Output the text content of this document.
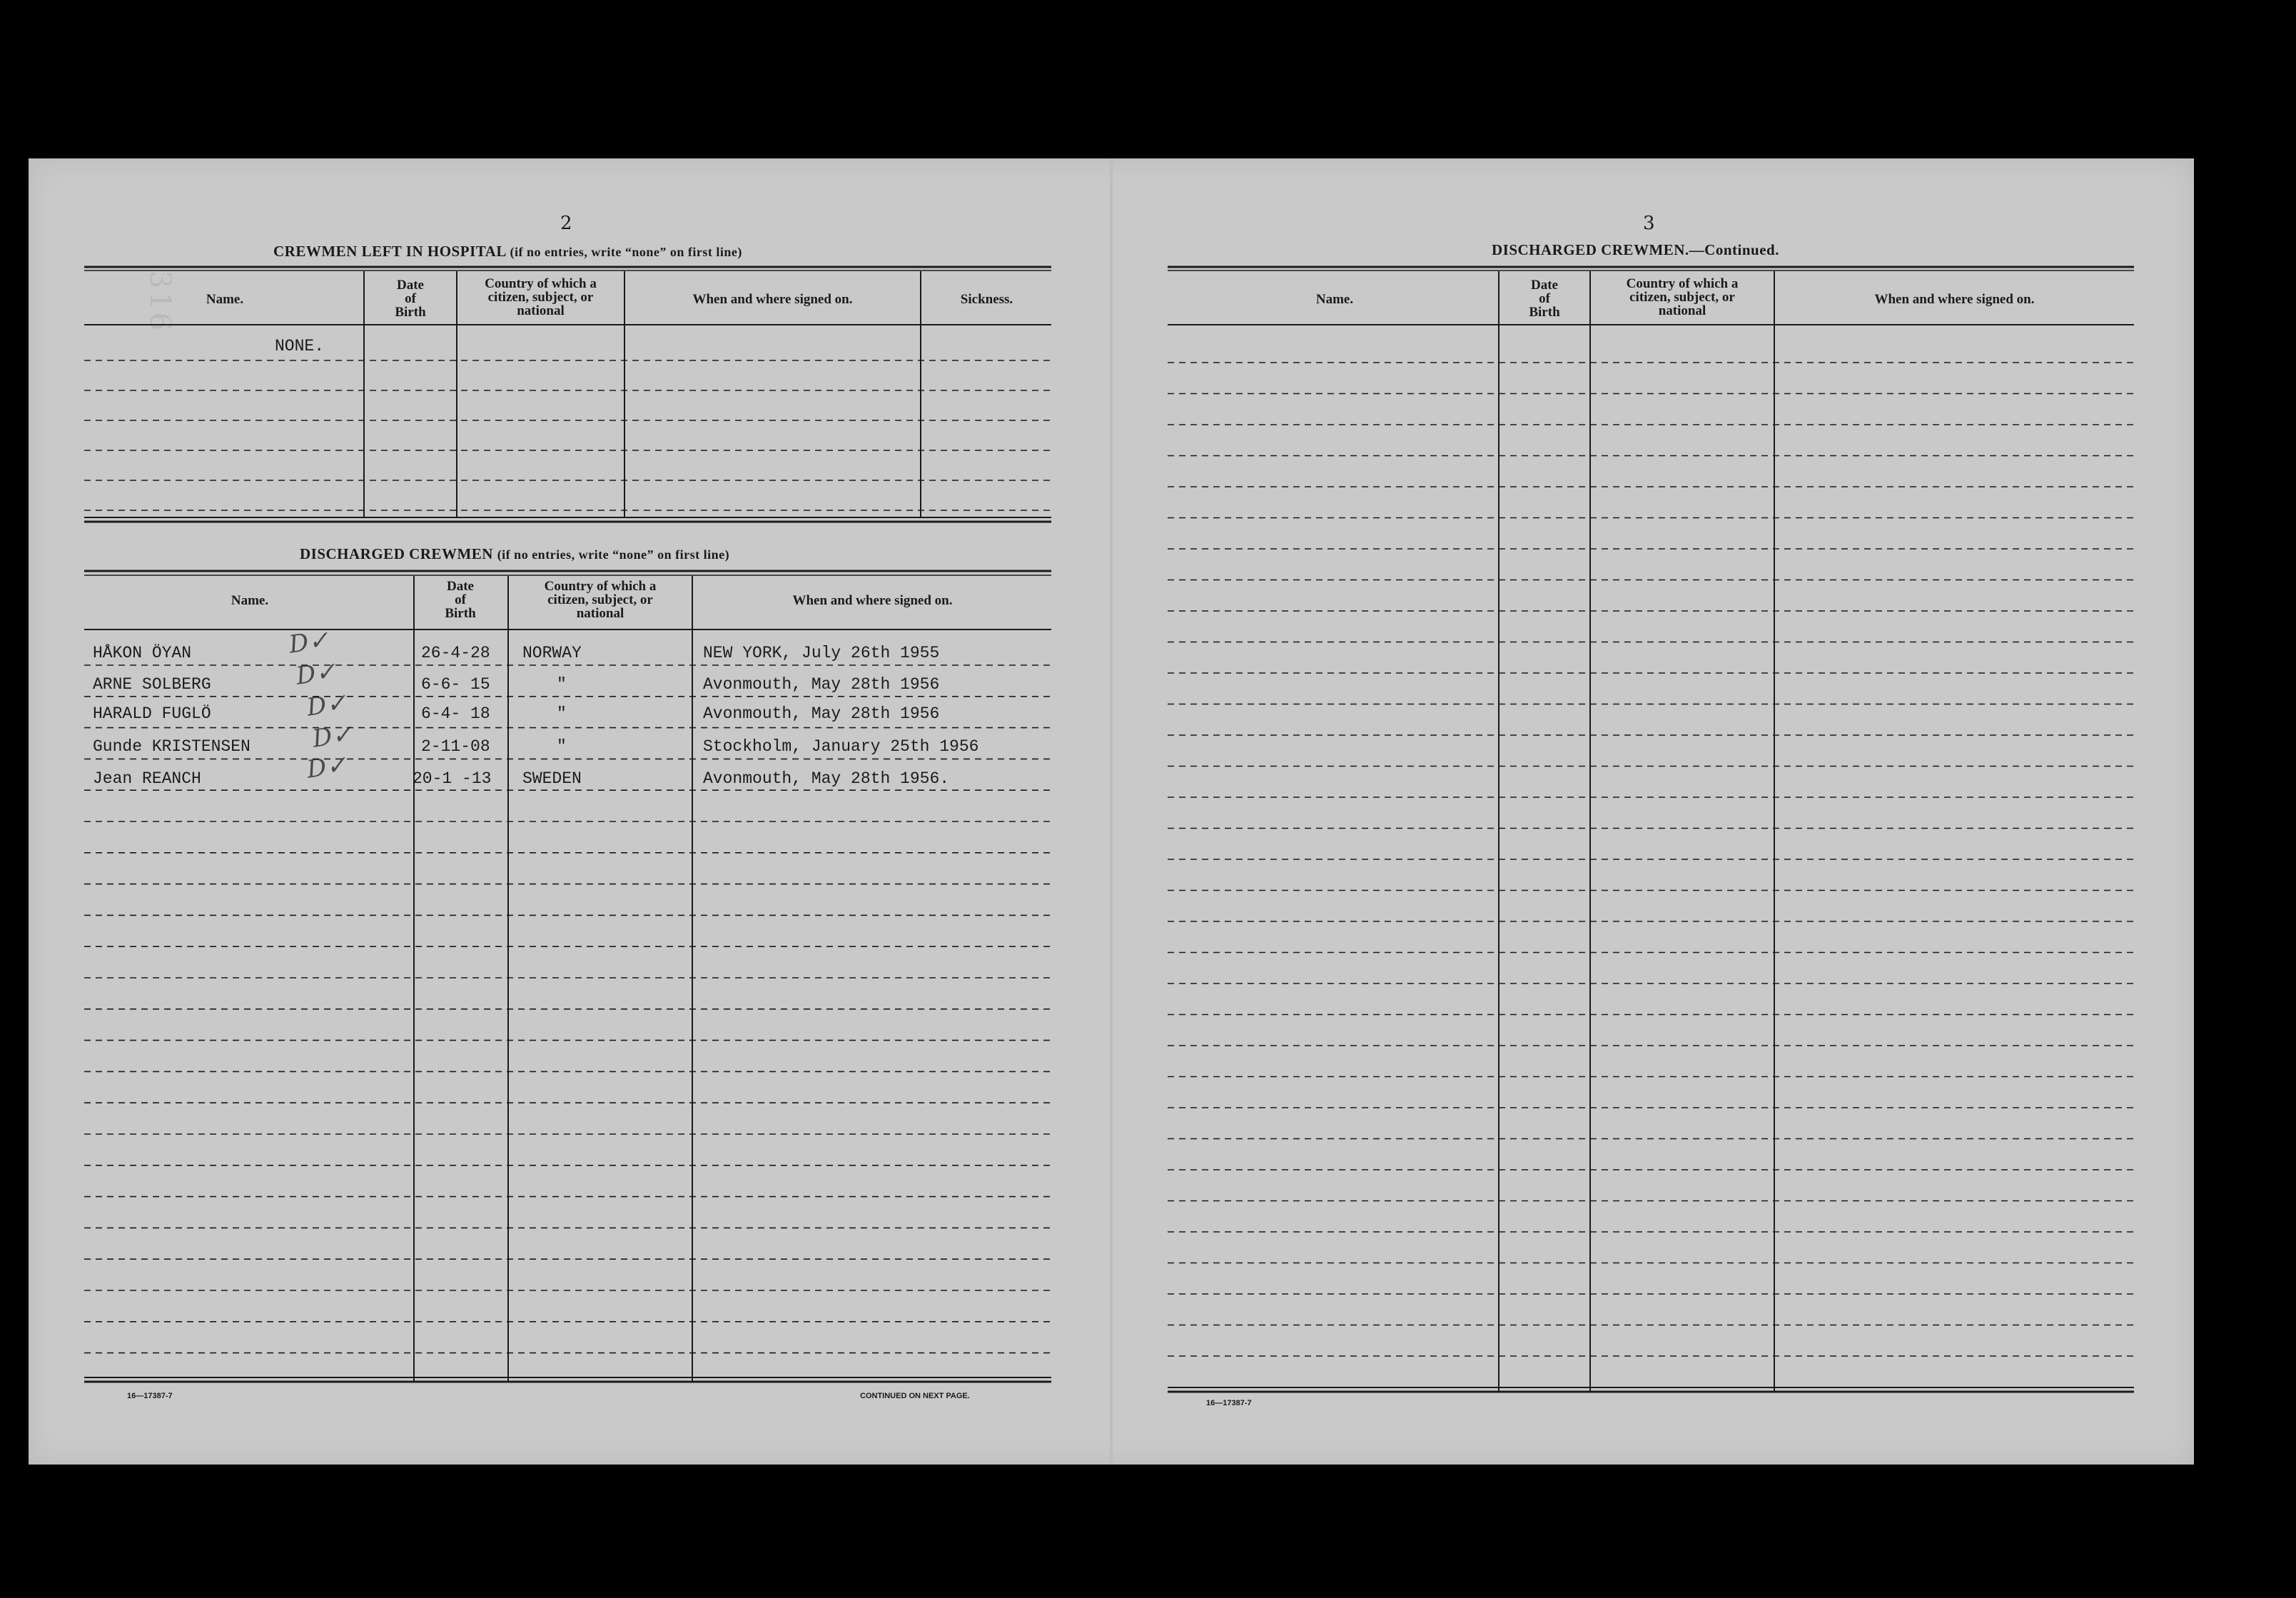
316
2
CREWMEN LEFT IN HOSPITAL (if no entries, write “none” on first line)
Name.
Date
of
Birth
Country of which a
citizen, subject, or
national
When and where signed on.	Sickness.
NONE.
DISCHARGED CREWMEN (if no entries, write “none” on first line)
Name.
Date
of
Birth
Country of which a
citizen, subject, or
national
When and where signed on.
HÅKON ÖYAN	D✓	26-4-28 NORWAY	NEW YORK, July 26th 1955
ARNE SOLBERG	D✓	6-6- 15	"	Avonmouth, May 28th 1956
HARALD FUGLÖ	D✓	6-4- 18	"	Avonmouth, May 28th 1956
Gunde KRISTENSEN D✓	2-11-08	"	Stockholm, January 25th 1956
Jean REANCH	D✓	20-1 -13 SWEDEN	Avonmouth, May 28th 1956.
16—17387-7	CONTINUED ON NEXT PAGE.
3
DISCHARGED CREWMEN.—Continued.
Name.
Date
of
Birth
Country of which a
citizen, subject, or
national
When and where signed on.
16—17387-7
